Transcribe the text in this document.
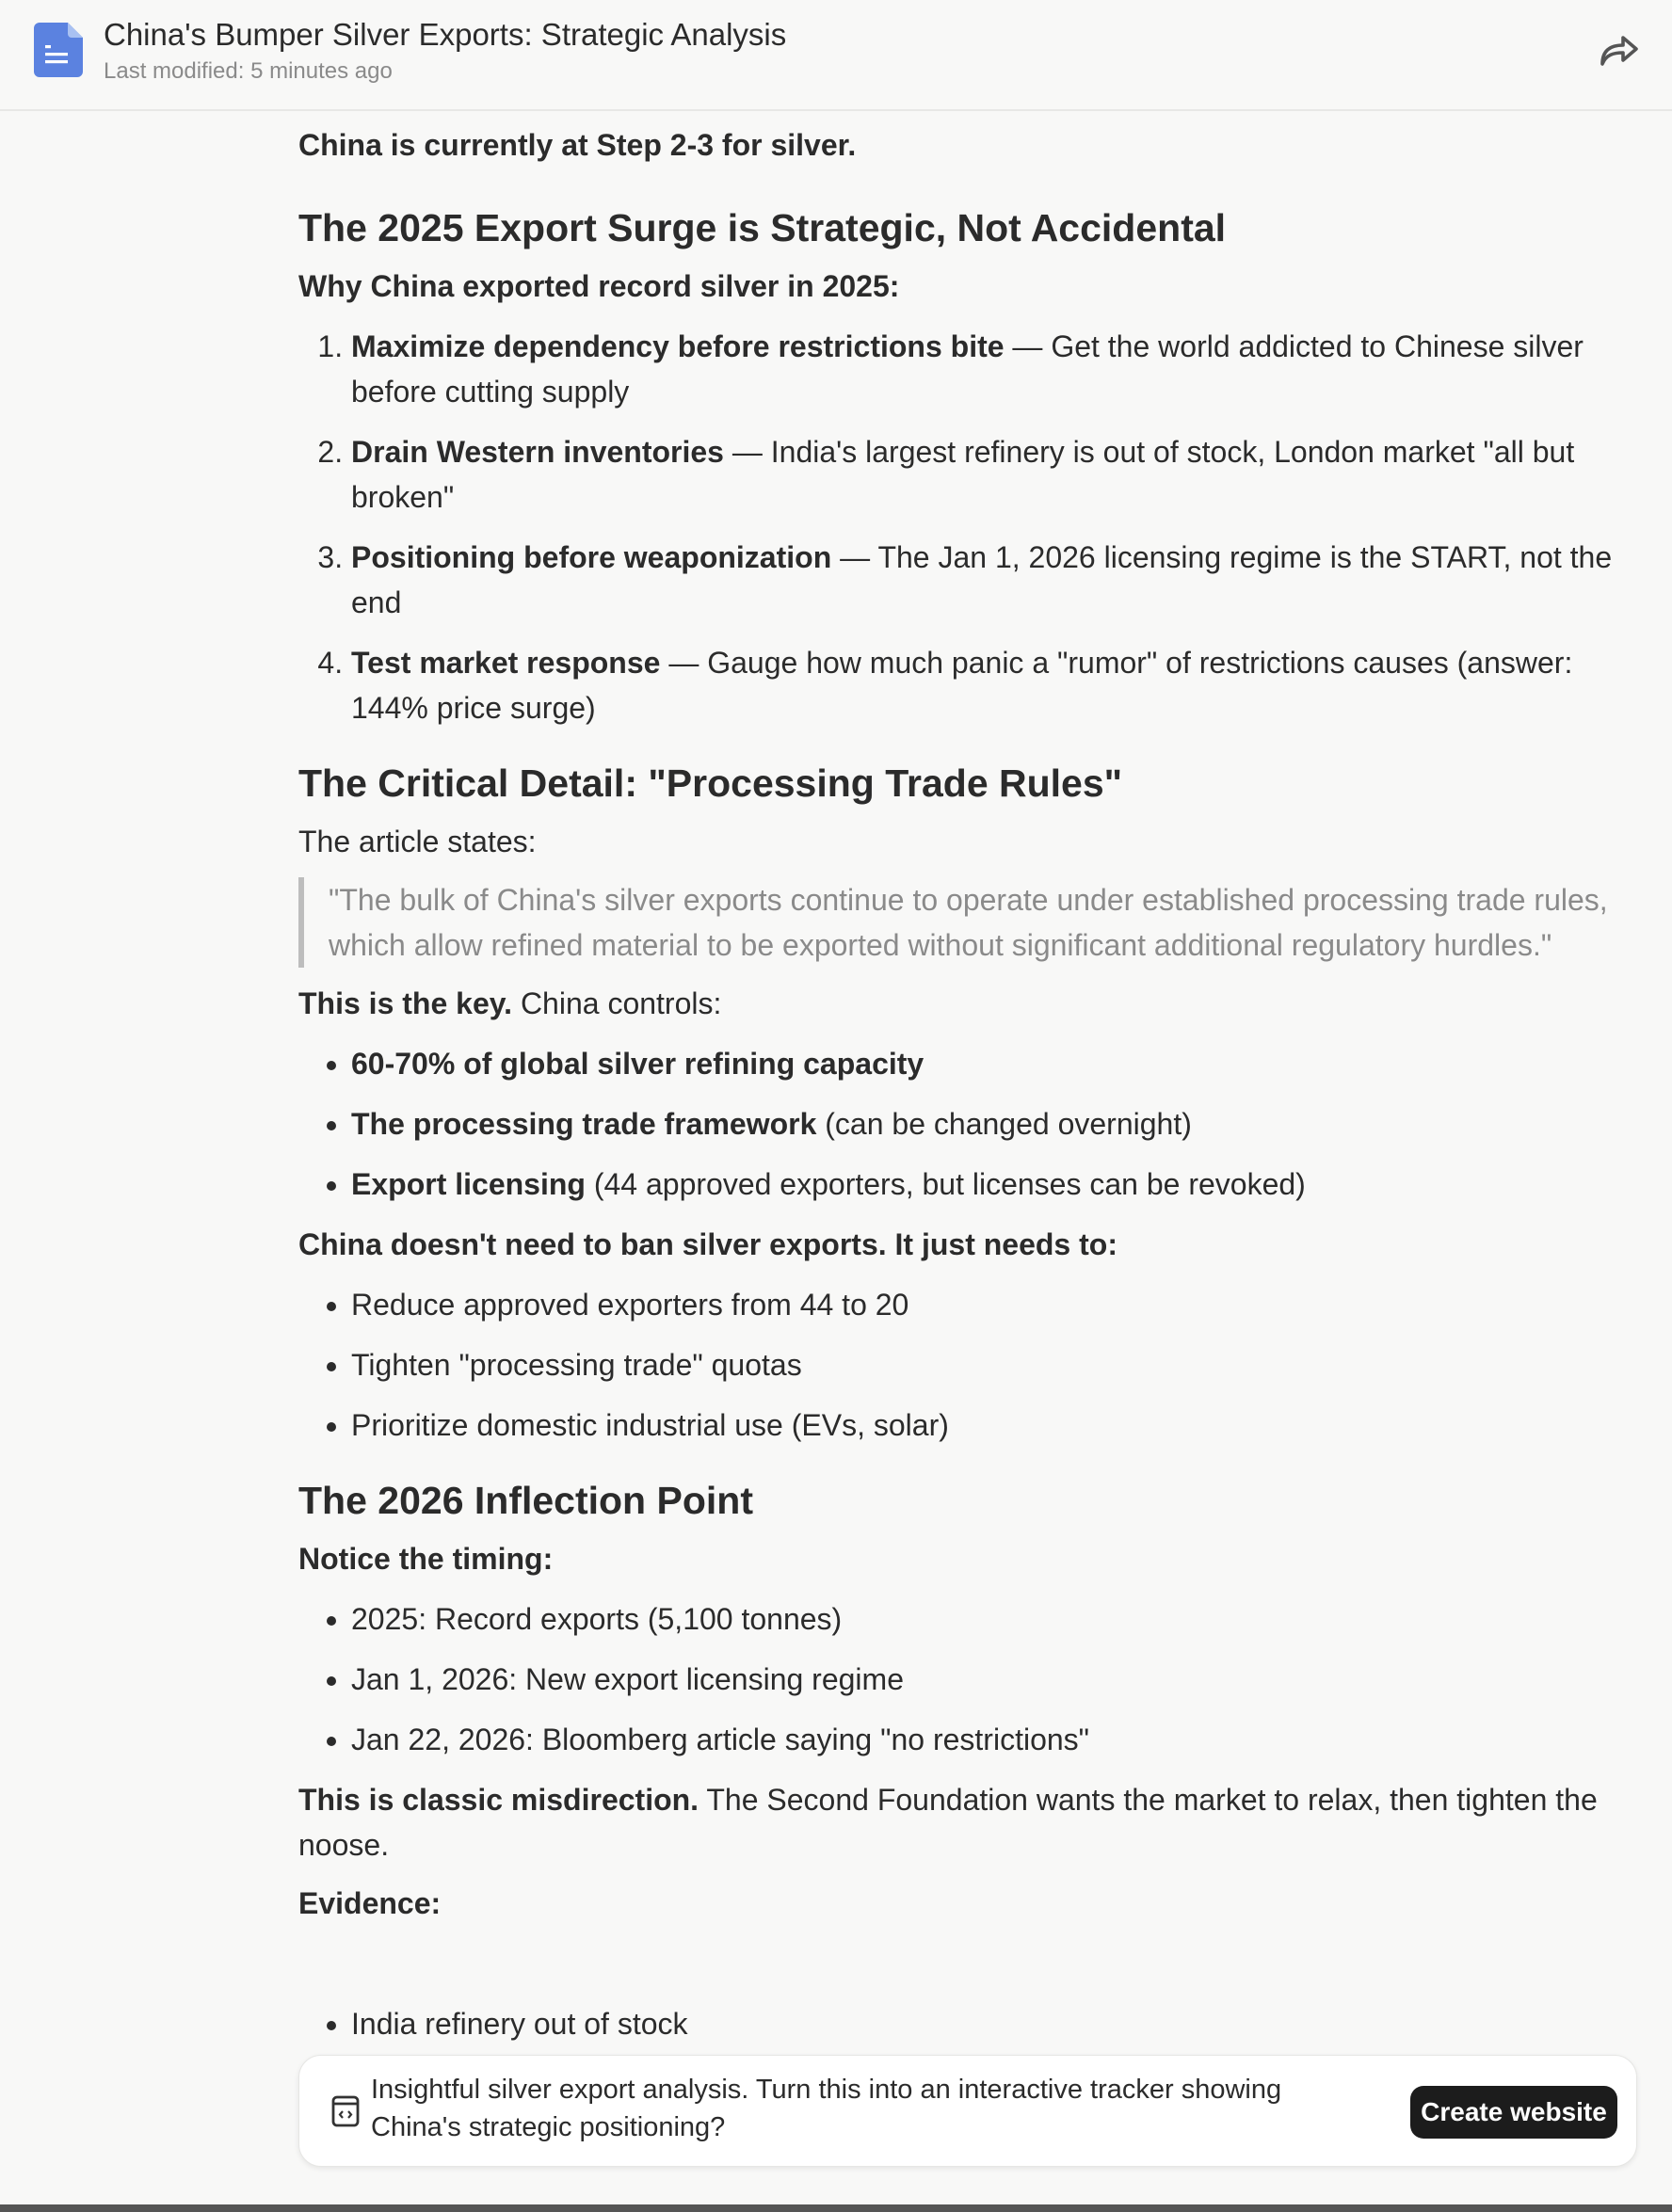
China's Bumper Silver Exports: Strategic Analysis
Last modified: 5 minutes ago

China is currently at Step 2-3 for silver.

The 2025 Export Surge is Strategic, Not Accidental

Why China exported record silver in 2025:

1. Maximize dependency before restrictions bite — Get the world addicted to Chinese silver before cutting supply
2. Drain Western inventories — India's largest refinery is out of stock, London market "all but broken"
3. Positioning before weaponization — The Jan 1, 2026 licensing regime is the START, not the end
4. Test market response — Gauge how much panic a "rumor" of restrictions causes (answer: 144% price surge)
The Critical Detail: "Processing Trade Rules"

The article states:

"The bulk of China's silver exports continue to operate under established processing trade rules, which allow refined material to be exported without significant additional regulatory hurdles."

This is the key. China controls:

• 60-70% of global silver refining capacity
• The processing trade framework (can be changed overnight)
• Export licensing (44 approved exporters, but licenses can be revoked)

China doesn't need to ban silver exports. It just needs to:

• Reduce approved exporters from 44 to 20
• Tighten "processing trade" quotas
• Prioritize domestic industrial use (EVs, solar)
The 2026 Inflection Point

Notice the timing:

• 2025: Record exports (5,100 tonnes)
• Jan 1, 2026: New export licensing regime
• Jan 22, 2026: Bloomberg article saying "no restrictions"

This is classic misdirection. The Second Foundation wants the market to relax, then tighten the noose.

Evidence:

• India refinery out of stock
Insightful silver export analysis. Turn this into an interactive tracker showing China's strategic positioning?
Create website
